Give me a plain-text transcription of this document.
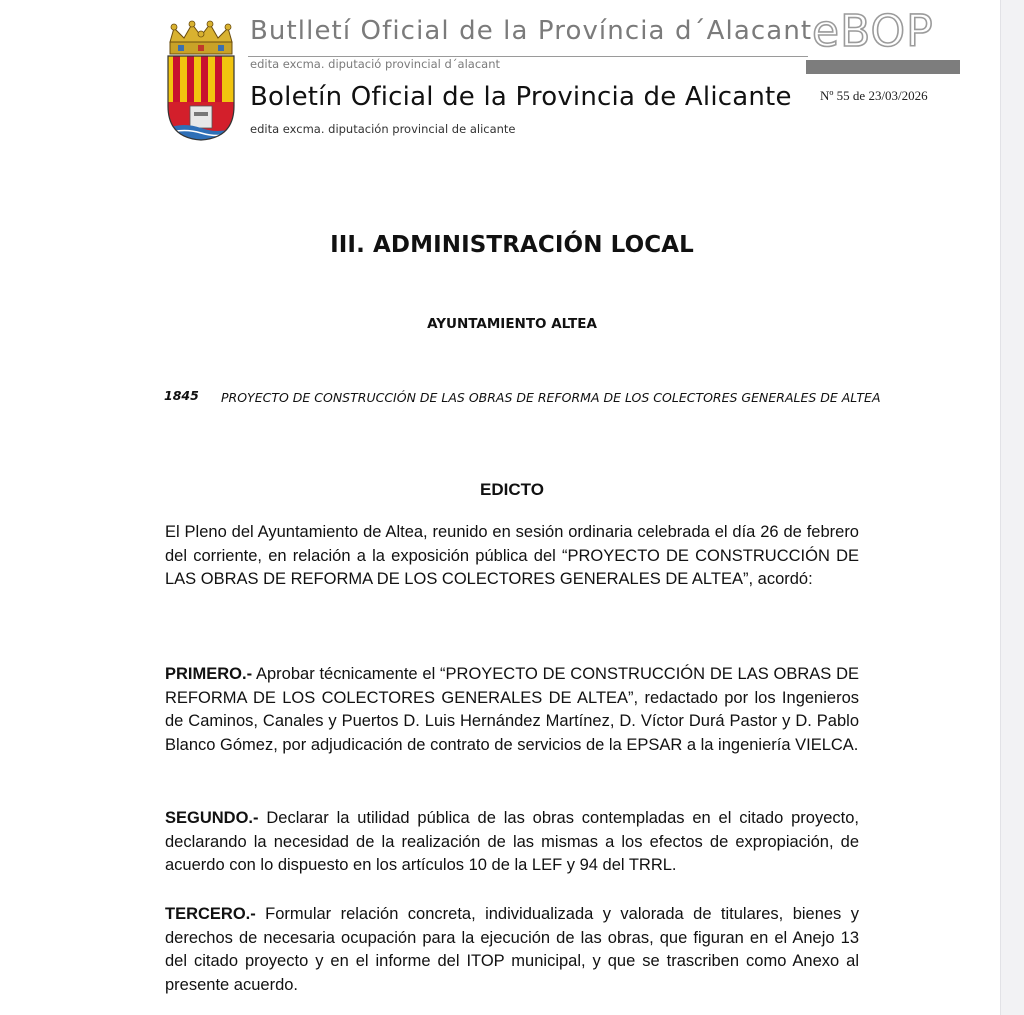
Butlletí Oficial de la Província d´Alacant
edita excma. diputació provincial d´alacant
Boletín Oficial de la Provincia de Alicante
edita excma. diputación provincial de alicante
eBOP
Nº 55 de 23/03/2026
III. ADMINISTRACIÓN LOCAL
AYUNTAMIENTO ALTEA
1845 PROYECTO DE CONSTRUCCIÓN DE LAS OBRAS DE REFORMA DE LOS COLECTORES GENERALES DE ALTEA
EDICTO
El Pleno del Ayuntamiento de Altea, reunido en sesión ordinaria celebrada el día 26 de febrero del corriente, en relación a la exposición pública del “PROYECTO DE CONSTRUCCIÓN DE LAS OBRAS DE REFORMA DE LOS COLECTORES GENERALES DE ALTEA”, acordó:
PRIMERO.- Aprobar técnicamente el “PROYECTO DE CONSTRUCCIÓN DE LAS OBRAS DE REFORMA DE LOS COLECTORES GENERALES DE ALTEA”, redactado por los Ingenieros de Caminos, Canales y Puertos D. Luis Hernández Martínez, D. Víctor Durá Pastor y D. Pablo Blanco Gómez, por adjudicación de contrato de servicios de la EPSAR a la ingeniería VIELCA.
SEGUNDO.- Declarar la utilidad pública de las obras contempladas en el citado proyecto, declarando la necesidad de la realización de las mismas a los efectos de expropiación, de acuerdo con lo dispuesto en los artículos 10 de la LEF y 94 del TRRL.
TERCERO.- Formular relación concreta, individualizada y valorada de titulares, bienes y derechos de necesaria ocupación para la ejecución de las obras, que figuran en el Anejo 13 del citado proyecto y en el informe del ITOP municipal, y que se trascriben como Anexo al presente acuerdo.
